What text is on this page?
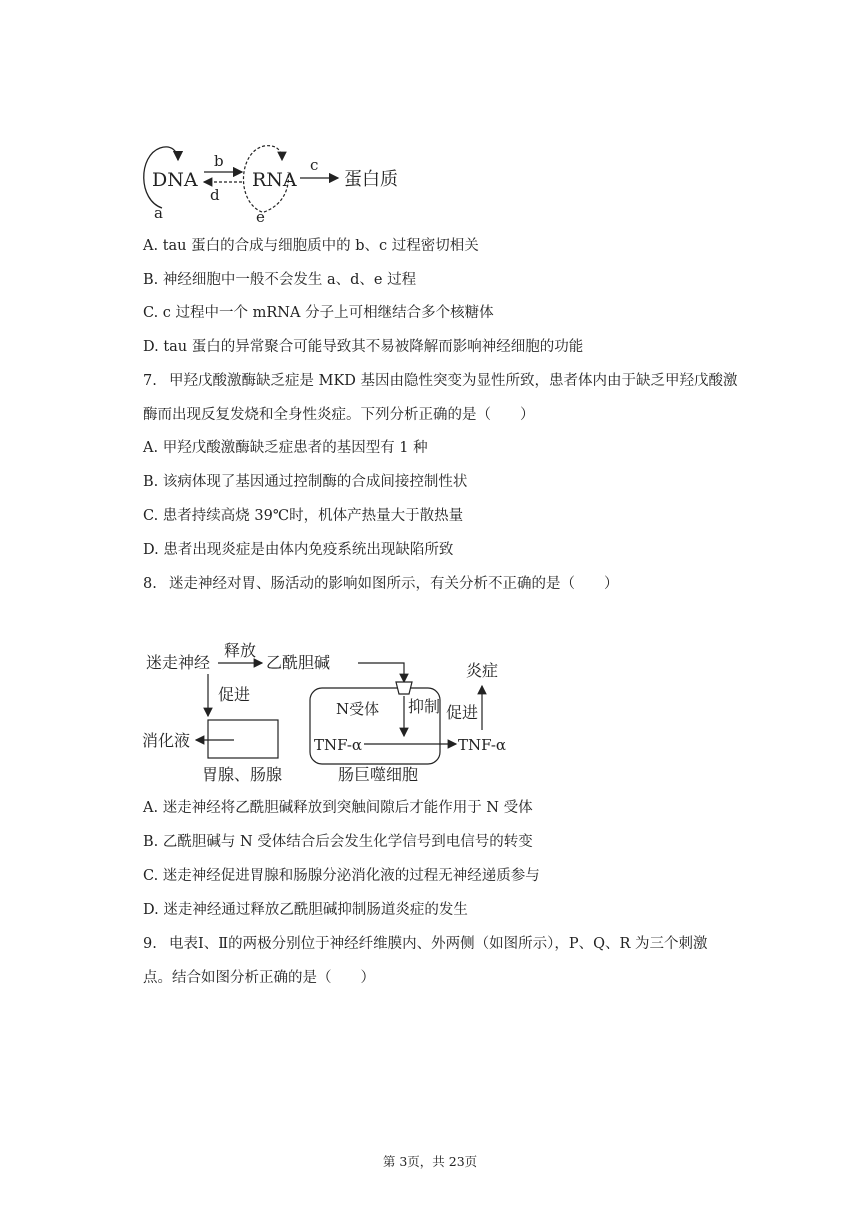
DNA
a
b
d
RNA
e
c
蛋白质
A. tau 蛋白的合成与细胞质中的 b、c 过程密切相关
B. 神经细胞中一般不会发生 a、d、e 过程
C. c 过程中一个 mRNA 分子上可相继结合多个核糖体
D. tau 蛋白的异常聚合可能导致其不易被降解而影响神经细胞的功能
7. 甲羟戊酸激酶缺乏症是 MKD 基因由隐性突变为显性所致，患者体内由于缺乏甲羟戊酸激
酶而出现反复发烧和全身性炎症。下列分析正确的是（　　）
A. 甲羟戊酸激酶缺乏症患者的基因型有 1 种
B. 该病体现了基因通过控制酶的合成间接控制性状
C. 患者持续高烧 39℃时，机体产热量大于散热量
D. 患者出现炎症是由体内免疫系统出现缺陷所致
8. 迷走神经对胃、肠活动的影响如图所示，有关分析不正确的是（　　）
迷走神经
释放
乙酰胆碱
促进
消化液
胃腺、肠腺
N受体 抑制
TNF-α	TNF-α
促进
炎症
肠巨噬细胞
A. 迷走神经将乙酰胆碱释放到突触间隙后才能作用于 N 受体
B. 乙酰胆碱与 N 受体结合后会发生化学信号到电信号的转变
C. 迷走神经促进胃腺和肠腺分泌消化液的过程无神经递质参与
D. 迷走神经通过释放乙酰胆碱抑制肠道炎症的发生
9. 电表Ⅰ、Ⅱ的两极分别位于神经纤维膜内、外两侧（如图所示），P、Q、R 为三个刺激
点。结合如图分析正确的是（　　）
第 3页，共 23页
